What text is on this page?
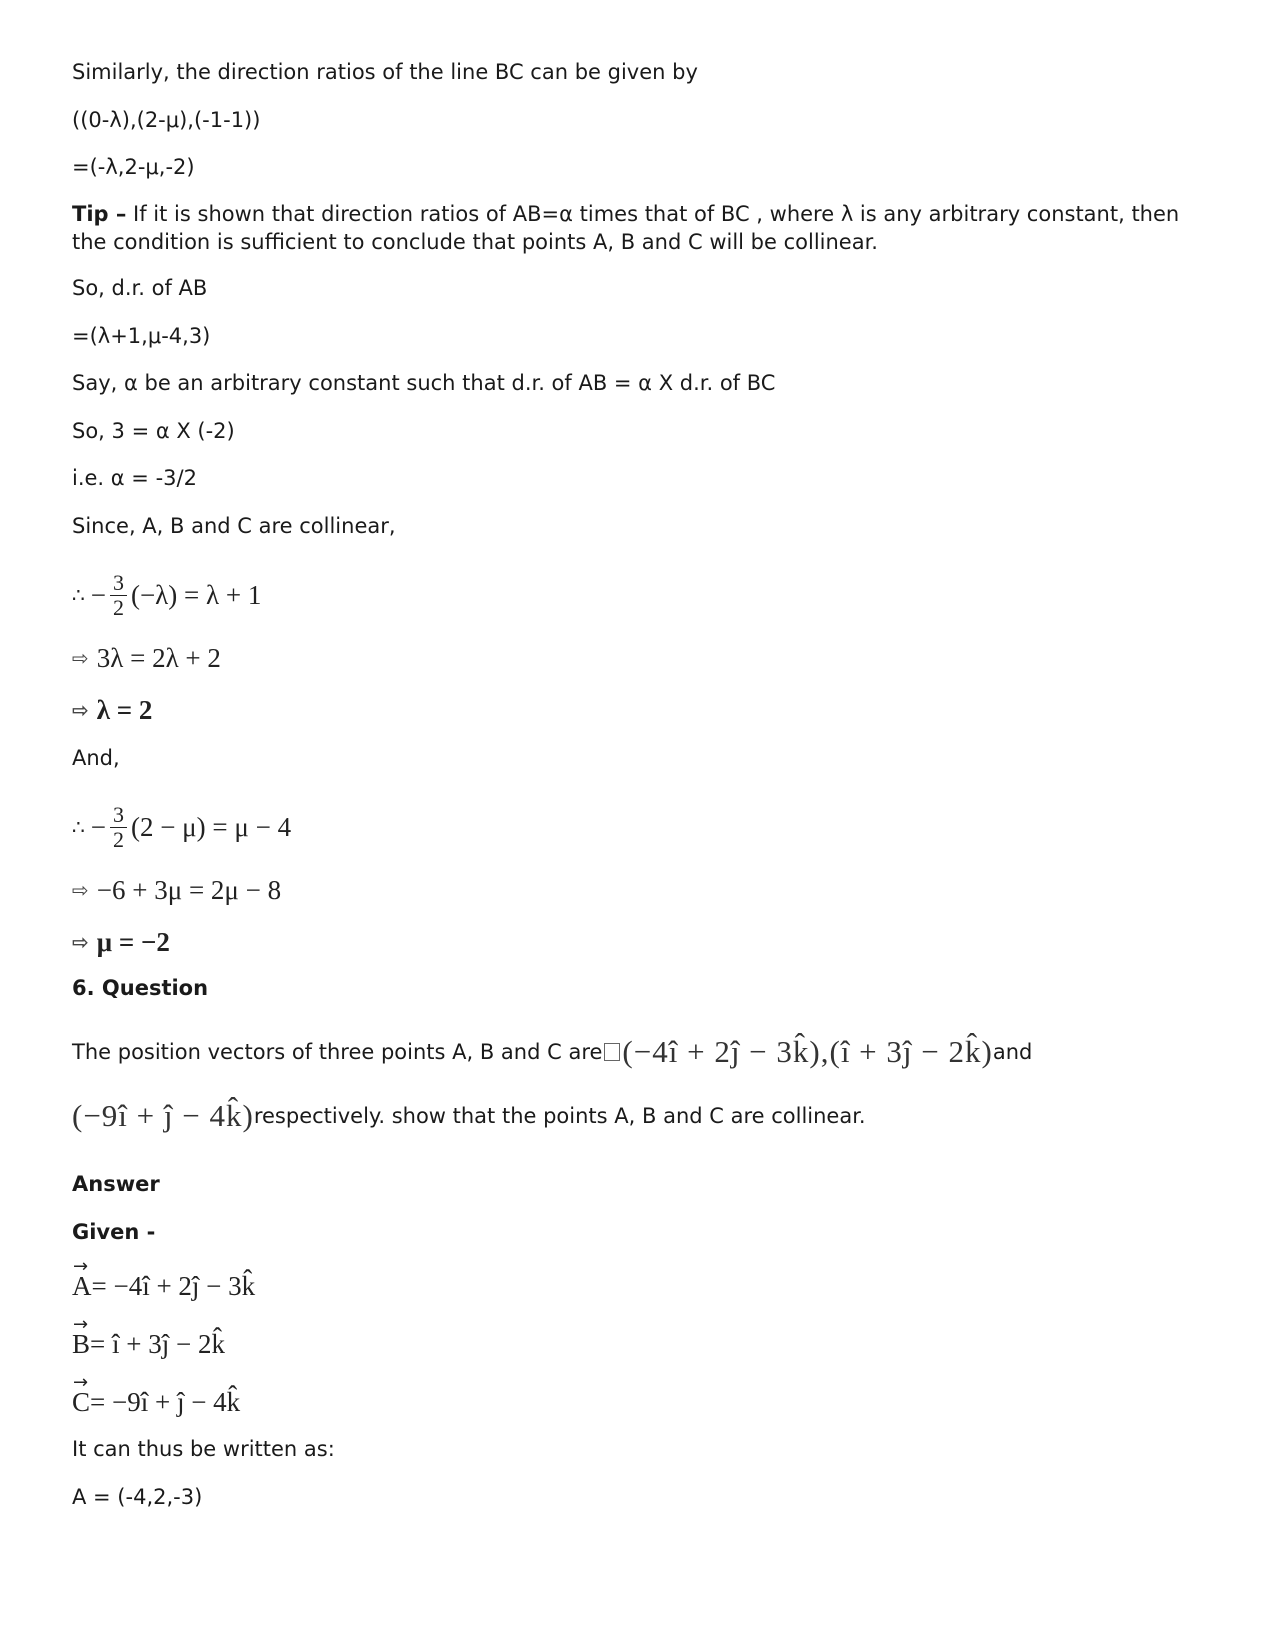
Similarly, the direction ratios of the line BC can be given by
((0-λ),(2-μ),(-1-1))
=(-λ,2-μ,-2)
Tip – If it is shown that direction ratios of AB=α times that of BC , where λ is any arbitrary constant, then the condition is sufficient to conclude that points A, B and C will be collinear.
So, d.r. of AB
=(λ+1,μ-4,3)
Say, α be an arbitrary constant such that d.r. of AB = α X d.r. of BC
So, 3 = α X (-2)
i.e. α = -3/2
Since, A, B and C are collinear,
∴ − $\frac{3}{2} (-\lambda) = \lambda + 1$
⇨ 3λ = 2λ + 2
⇨ λ = 2
And,
∴ − $\frac{3}{2} (2 - \mu) = \mu - 4$
⇨ −6 + 3μ = 2μ − 8
⇨ μ = −2
6. Question
The position vectors of three points A, B and C are (−4î + 2ĵ − 3k̂),(î + 3ĵ − 2k̂) and
(−9î + ĵ − 4k̂) respectively. show that the points A, B and C are collinear.
Answer
Given -
→ A = −4î + 2ĵ − 3k̂
→ B = î + 3ĵ − 2k̂
→ C = −9î + ĵ − 4k̂
It can thus be written as:
A = (-4,2,-3)
